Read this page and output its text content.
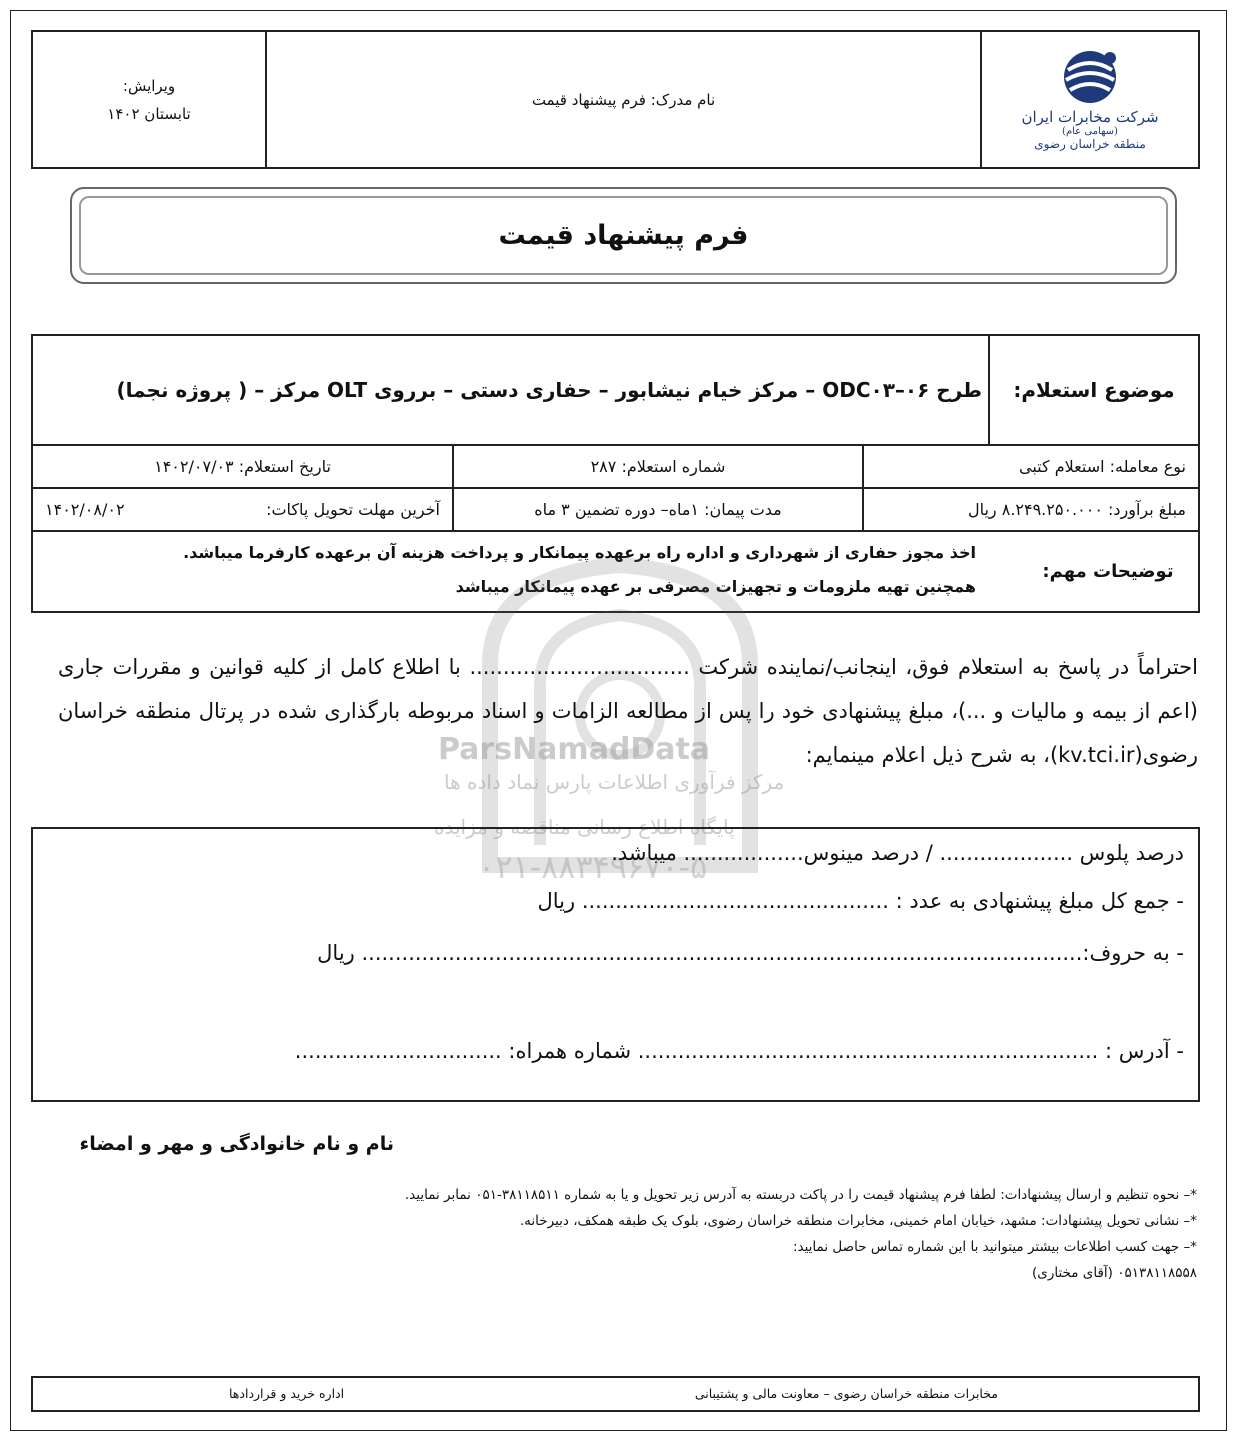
شرکت مخابرات ایران
(سهامی عام)
منطقه خراسان رضوی
نام مدرک: فرم پیشنهاد قیمت
ویرایش:
تابستان ۱۴۰۲
فرم پیشنهاد قیمت
موضوع استعلام:
طرح ۰۶–ODC۰۳ – مرکز خیام نیشابور – حفاری دستی – برروی OLT مرکز – ( پروژه نجما)
نوع معامله: استعلام کتبی
شماره استعلام: ۲۸۷
تاریخ استعلام: ۱۴۰۲/۰۷/۰۳
مبلغ برآورد: ۸.۲۴۹.۲۵۰.۰۰۰ ریال
مدت پیمان: ۱ماه– دوره تضمین ۳ ماه
آخرین مهلت تحویل پاکات:
۱۴۰۲/۰۸/۰۲
توضیحات مهم:
اخذ مجوز حفاری از شهرداری و اداره راه برعهده پیمانکار و پرداخت هزینه آن برعهده کارفرما میباشد.
همچنین تهیه ملزومات و تجهیزات مصرفی بر عهده پیمانکار میباشد
ParsNamadData
مرکز فرآوری اطلاعات پارس نماد داده ها
پایگاه اطلاع رسانی مناقصه و مزایده
۰۲۱-۸۸۳۴۹۶۷۰-۵
احتراماً در پاسخ به استعلام فوق، اینجانب/نماینده شرکت ................................. با اطلاع کامل از کلیه قوانین و مقررات جاری (اعم از بیمه و مالیات و ...)، مبلغ پیشنهادی خود را پس از مطالعه الزامات و اسناد مربوطه بارگذاری شده در پرتال منطقه خراسان رضوی(kv.tci.ir)، به شرح ذیل اعلام مینمایم:
درصد پلوس .................... / درصد مینوس.................. میباشد.
- جمع کل مبلغ پیشنهادی به عدد : .............................................. ریال
- به حروف:............................................................................................................ ریال
- آدرس : ..................................................................... شماره همراه: ...............................
نام و نام خانوادگی و مهر و امضاء
*– نحوه تنظیم و ارسال پیشنهادات: لطفا فرم پیشنهاد قیمت را در پاکت دربسته به آدرس زیر تحویل و یا به شماره ۳۸۱۱۸۵۱۱-۰۵۱ نمابر نمایید.
*– نشانی تحویل پیشنهادات: مشهد، خیابان امام خمینی، مخابرات منطقه خراسان رضوی، بلوک یک طبقه همکف، دبیرخانه.
*– جهت کسب اطلاعات بیشتر میتوانید با این شماره تماس حاصل نمایید:
۰۵۱۳۸۱۱۸۵۵۸ (آقای مختاری)
مخابرات منطقه خراسان رضوی – معاونت مالی و پشتیبانی
اداره خرید و قراردادها
